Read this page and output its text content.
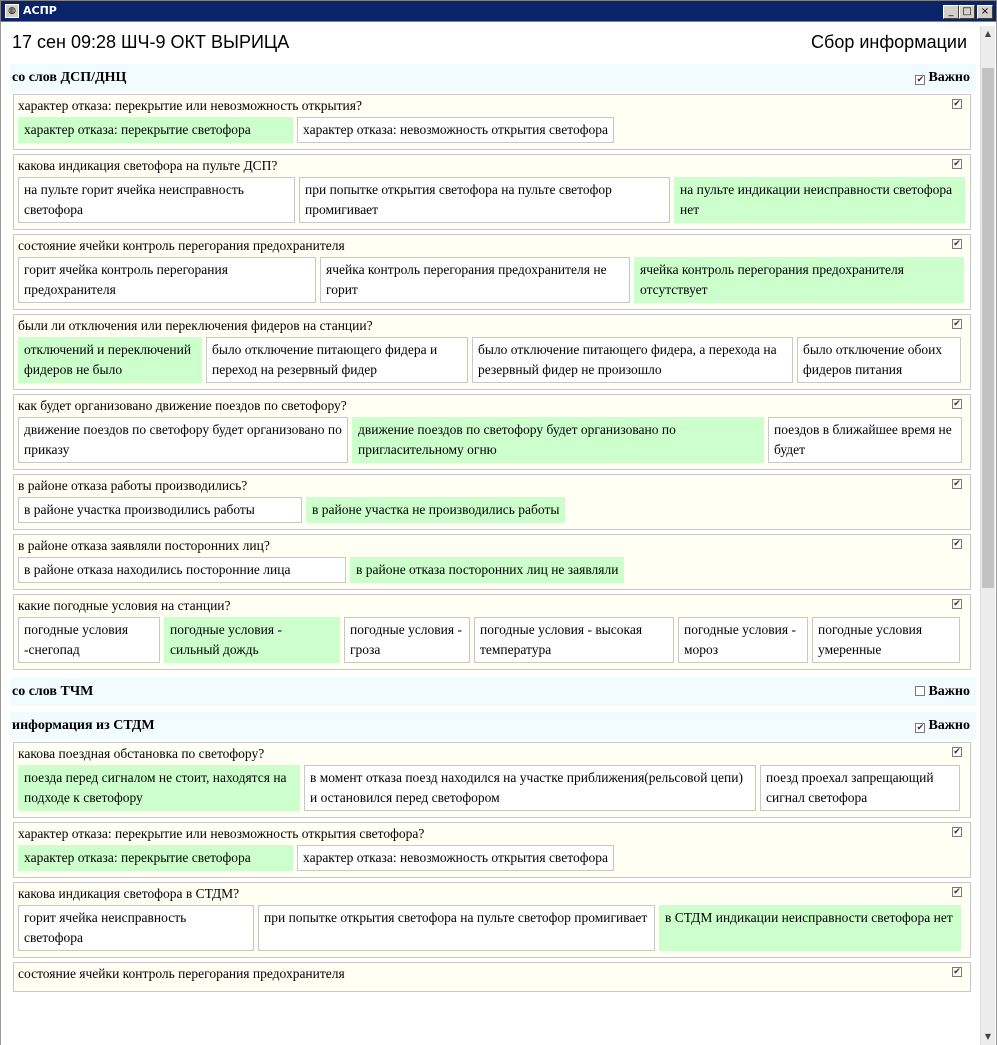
◍ АСПР	_ □ ×
17 сен 09:28 ШЧ-9 ОКТ ВЫРИЦА	Сбор информации
со слов ДСП/ДНЦ	✔ Важно
характер отказа: перекрытие или невозможность открытия?	✔
характер отказа: перекрытие светофора	характер отказа: невозможность открытия светофора
какова индикация светофора на пульте ДСП?	✔
на пульте горит ячейка неисправность светофора
при попытке открытия светофора на пульте светофор промигивает
на пульте индикации неисправности светофора нет
состояние ячейки контроль перегорания предохранителя	✔
горит ячейка контроль перегорания предохранителя
ячейка контроль перегорания предохранителя не горит
ячейка контроль перегорания предохранителя отсутствует
были ли отключения или переключения фидеров на станции?	✔
отключений и переключений фидеров не было
было отключение питающего фидера и переход на резервный фидер
было отключение питающего фидера, а перехода на резервный фидер не произошло
было отключение обоих фидеров питания
как будет организовано движение поездов по светофору?	✔
движение поездов по светофору будет организовано по приказу
движение поездов по светофору будет организовано по пригласительному огню
поездов в ближайшее время не будет
в районе отказа работы производились?	✔
в районе участка производились работы	в районе участка не производились работы
в районе отказа заявляли посторонних лиц?	✔
в районе отказа находились посторонние лица	в районе отказа посторонних лиц не заявляли
какие погодные условия на станции?	✔
погодные условия -снегопад
погодные условия - сильный дождь
погодные условия - гроза
погодные условия - высокая температура
погодные условия - мороз
погодные условия умеренные
со слов ТЧМ	Важно
информация из СТДМ	✔ Важно
какова поездная обстановка по светофору?	✔
поезда перед сигналом не стоит, находятся на подходе к светофору
в момент отказа поезд находился на участке приближения(рельсовой цепи) и остановился перед светофором
поезд проехал запрещающий сигнал светофора
характер отказа: перекрытие или невозможность открытия светофора?	✔
характер отказа: перекрытие светофора	характер отказа: невозможность открытия светофора
какова индикация светофора в СТДМ?	✔
горит ячейка неисправность светофора
при попытке открытия светофора на пульте светофор промигивает	в СТДМ индикации неисправности светофора нет
состояние ячейки контроль перегорания предохранителя	✔
▲
▼
